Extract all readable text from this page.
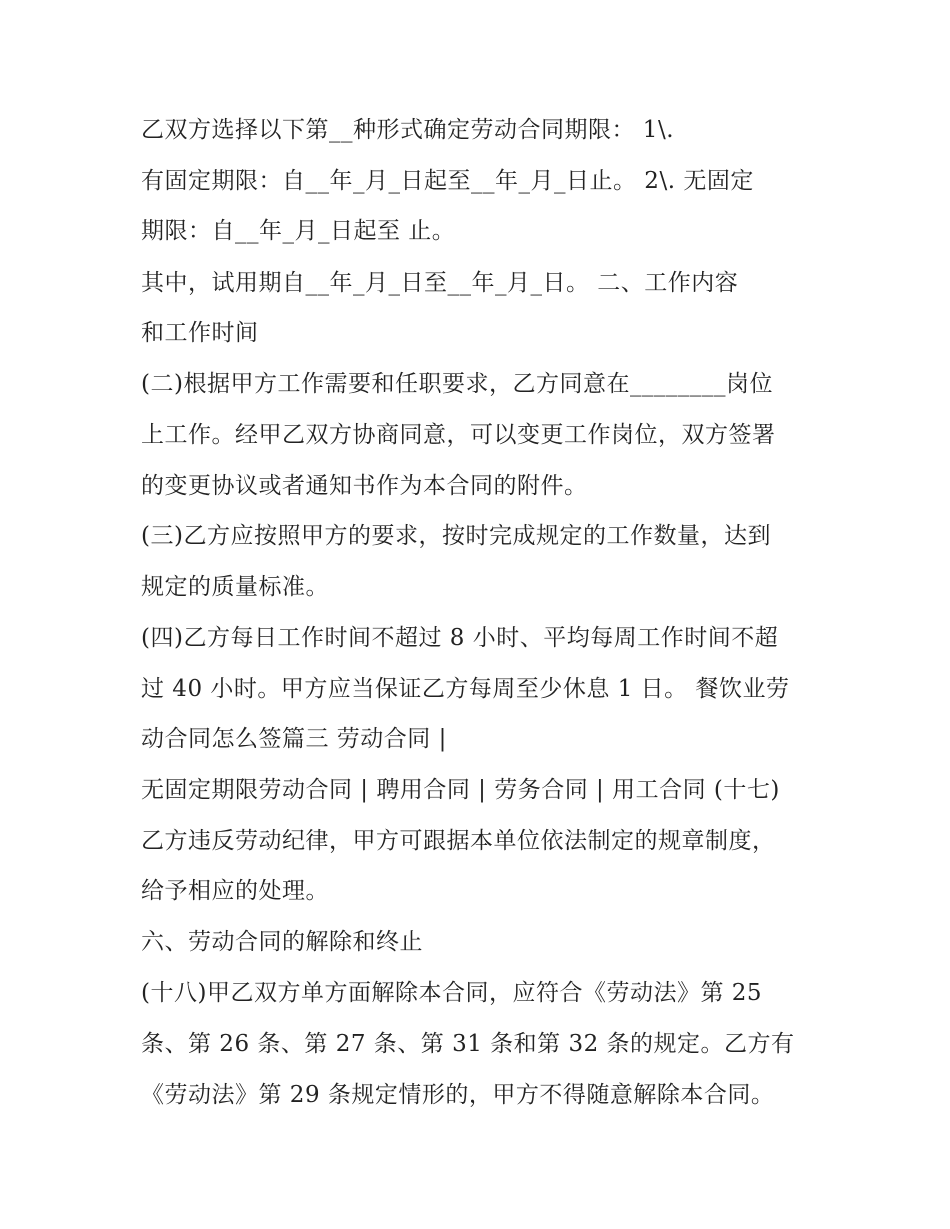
乙双方选择以下第__种形式确定劳动合同期限： 1\.
有固定期限：自__年_月_日起至__年_月_日止。 2\. 无固定
期限：自__年_月_日起至 止。
其中，试用期自__年_月_日至__年_月_日。 二、工作内容
和工作时间
(二)根据甲方工作需要和任职要求，乙方同意在________岗位
上工作。经甲乙双方协商同意，可以变更工作岗位，双方签署
的变更协议或者通知书作为本合同的附件。
(三)乙方应按照甲方的要求，按时完成规定的工作数量，达到
规定的质量标准。
(四)乙方每日工作时间不超过 8 小时、平均每周工作时间不超
过 40 小时。甲方应当保证乙方每周至少休息 1 日。 餐饮业劳
动合同怎么签篇三 劳动合同 |
无固定期限劳动合同 | 聘用合同 | 劳务合同 | 用工合同 (十七)
乙方违反劳动纪律，甲方可跟据本单位依法制定的规章制度，
给予相应的处理。
六、劳动合同的解除和终止
(十八)甲乙双方单方面解除本合同，应符合《劳动法》第 25
条、第 26 条、第 27 条、第 31 条和第 32 条的规定。乙方有
《劳动法》第 29 条规定情形的，甲方不得随意解除本合同。
